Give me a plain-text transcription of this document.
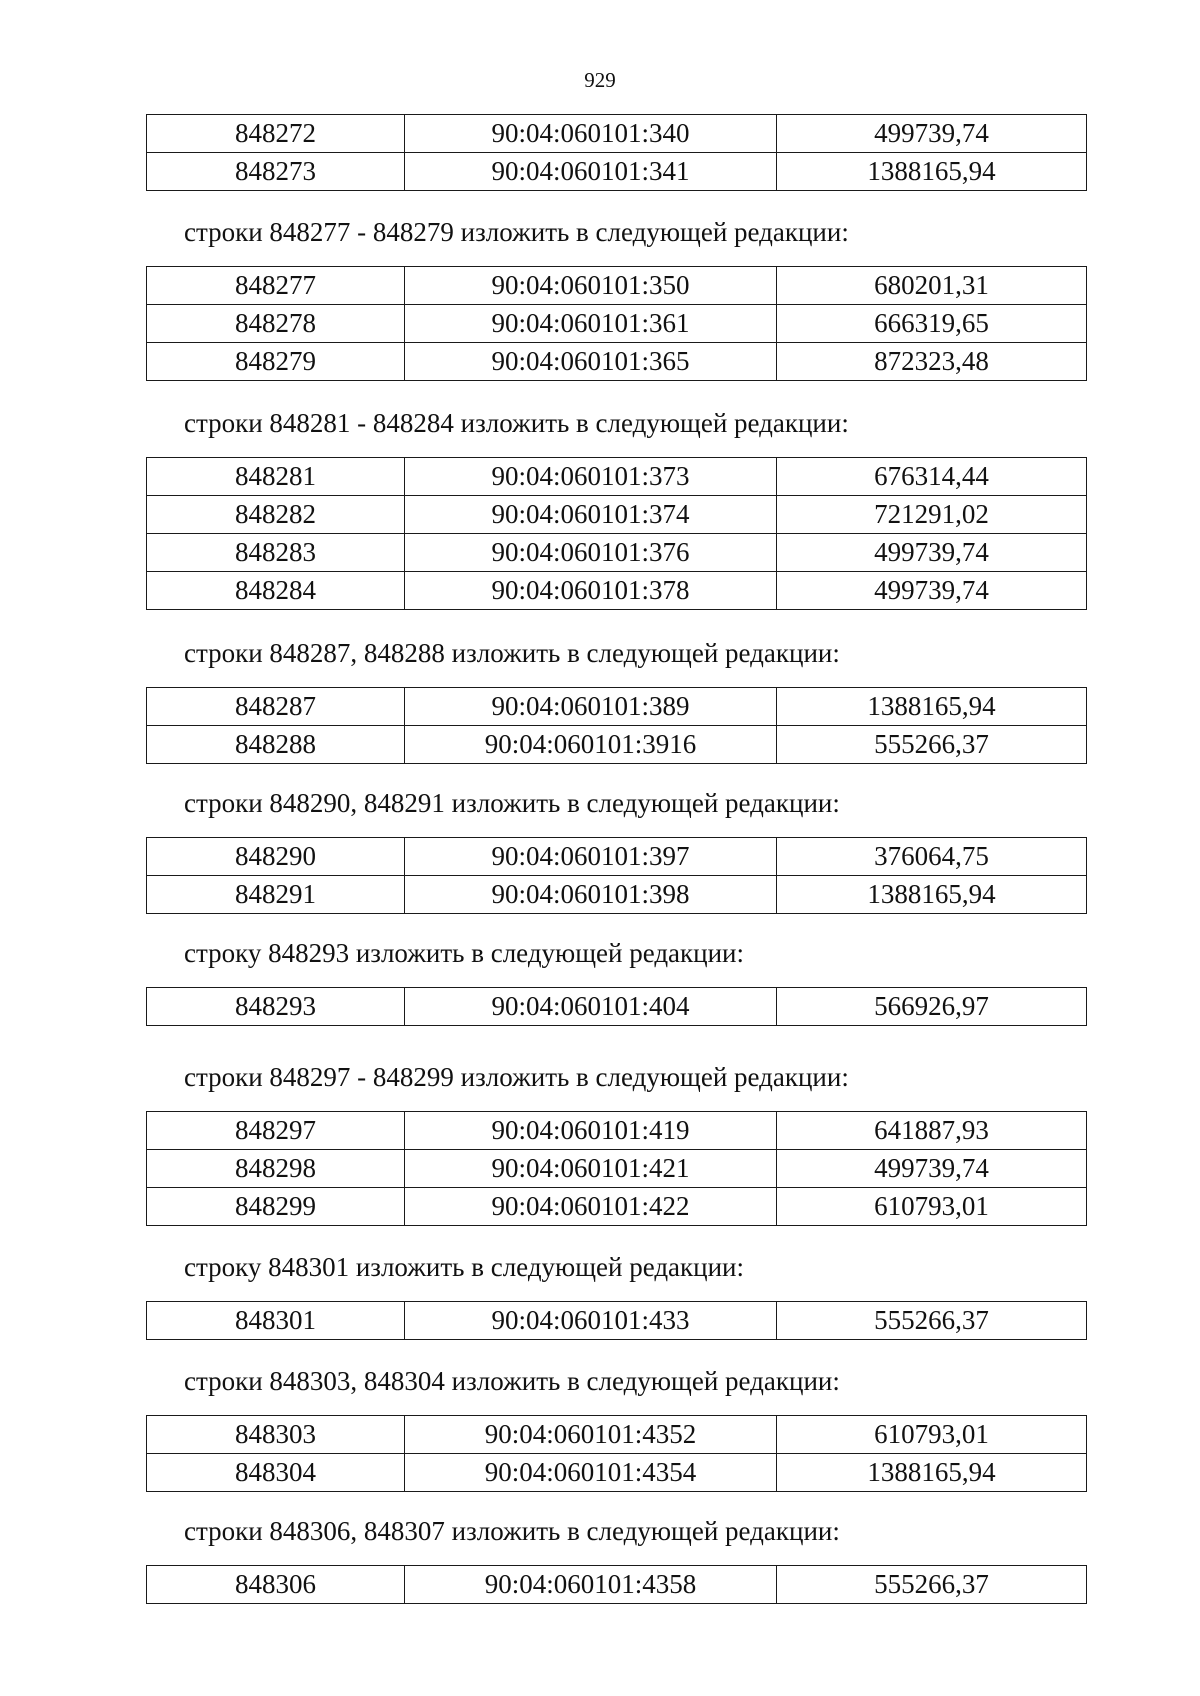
929
848272	90:04:060101:340	499739,74
848273	90:04:060101:341	1388165,94
строки 848277 - 848279 изложить в следующей редакции:
848277	90:04:060101:350	680201,31
848278	90:04:060101:361	666319,65
848279	90:04:060101:365	872323,48
строки 848281 - 848284 изложить в следующей редакции:
848281	90:04:060101:373	676314,44
848282	90:04:060101:374	721291,02
848283	90:04:060101:376	499739,74
848284	90:04:060101:378	499739,74
строки 848287, 848288 изложить в следующей редакции:
848287	90:04:060101:389	1388165,94
848288	90:04:060101:3916	555266,37
строки 848290, 848291 изложить в следующей редакции:
848290	90:04:060101:397	376064,75
848291	90:04:060101:398	1388165,94
строку 848293 изложить в следующей редакции:
848293	90:04:060101:404	566926,97
строки 848297 - 848299 изложить в следующей редакции:
848297	90:04:060101:419	641887,93
848298	90:04:060101:421	499739,74
848299	90:04:060101:422	610793,01
строку 848301 изложить в следующей редакции:
848301	90:04:060101:433	555266,37
строки 848303, 848304 изложить в следующей редакции:
848303	90:04:060101:4352	610793,01
848304	90:04:060101:4354	1388165,94
строки 848306, 848307 изложить в следующей редакции:
848306	90:04:060101:4358	555266,37
